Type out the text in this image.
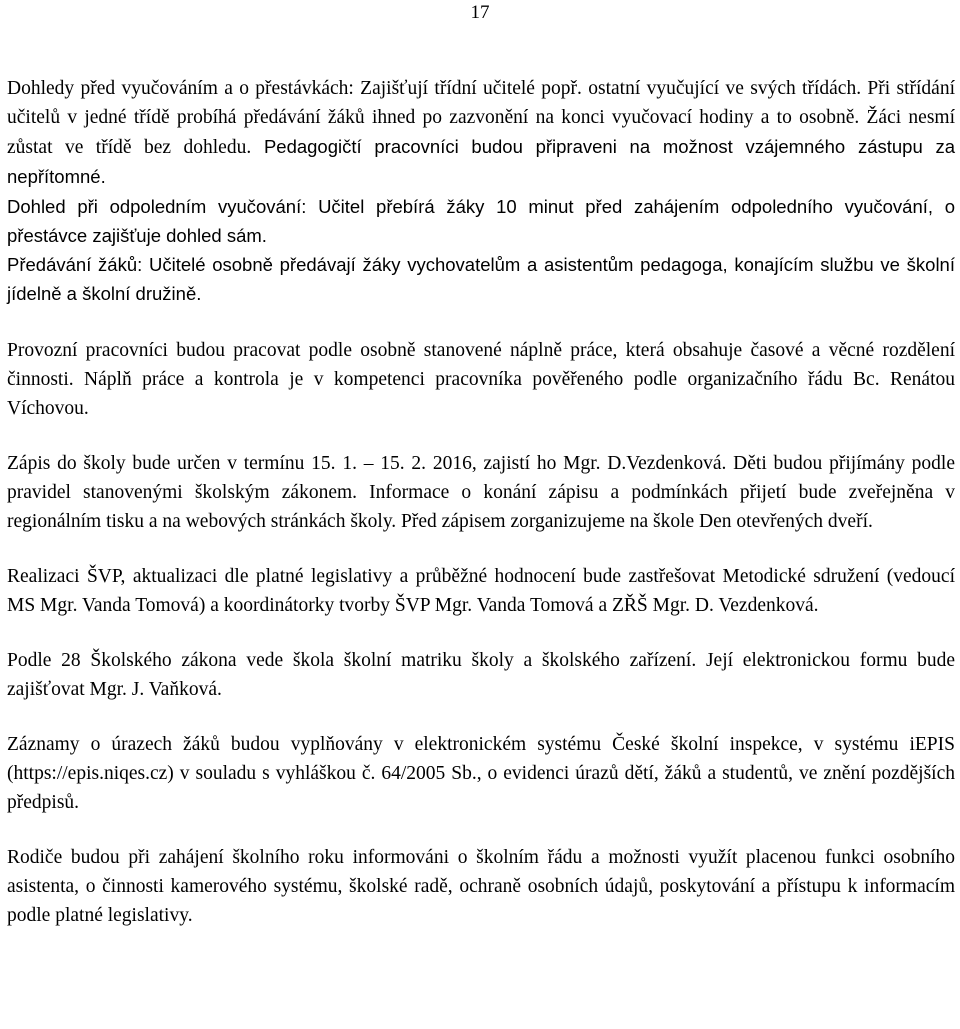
17

Dohledy před vyučováním a o přestávkách: Zajišťují třídní učitelé popř. ostatní vyučující ve svých třídách. Při střídání učitelů v jedné třídě probíhá předávání žáků ihned po zazvonění na konci vyučovací hodiny a to osobně. Žáci nesmí zůstat ve třídě bez dohledu. Pedagogičtí pracovníci budou připraveni na možnost vzájemného zástupu za nepřítomné.

Dohled při odpoledním vyučování: Učitel přebírá žáky 10 minut před zahájením odpoledního vyučování, o přestávce zajišťuje dohled sám.

Předávání žáků: Učitelé osobně předávají žáky vychovatelům a asistentům pedagoga, konajícím službu ve školní jídelně a školní družině.

Provozní pracovníci budou pracovat podle osobně stanovené náplně práce, která obsahuje časové a věcné rozdělení činnosti. Náplň práce a kontrola je v kompetenci pracovníka pověřeného podle organizačního řádu Bc. Renátou Víchovou.

Zápis do školy bude určen v termínu 15. 1. – 15. 2. 2016, zajistí ho Mgr. D.Vezdenková. Děti budou přijímány podle pravidel stanovenými školským zákonem. Informace o konání zápisu a podmínkách přijetí bude zveřejněna v regionálním tisku a na webových stránkách školy. Před zápisem zorganizujeme na škole Den otevřených dveří.

Realizaci ŠVP, aktualizaci dle platné legislativy a průběžné hodnocení bude zastřešovat Metodické sdružení (vedoucí MS Mgr. Vanda Tomová) a koordinátorky tvorby ŠVP Mgr. Vanda Tomová a ZŘŠ Mgr. D. Vezdenková.

Podle 28 Školského zákona vede škola školní matriku školy a školského zařízení. Její elektronickou formu bude zajišťovat Mgr. J. Vaňková.

Záznamy o úrazech žáků budou vyplňovány v elektronickém systému České školní inspekce, v systému iEPIS (https://epis.niqes.cz) v souladu s vyhláškou č. 64/2005 Sb., o evidenci úrazů dětí, žáků a studentů, ve znění pozdějších předpisů.

Rodiče budou při zahájení školního roku informováni o školním řádu a možnosti využít placenou funkci osobního asistenta, o činnosti kamerového systému, školské radě, ochraně osobních údajů, poskytování a přístupu k informacím podle platné legislativy.
